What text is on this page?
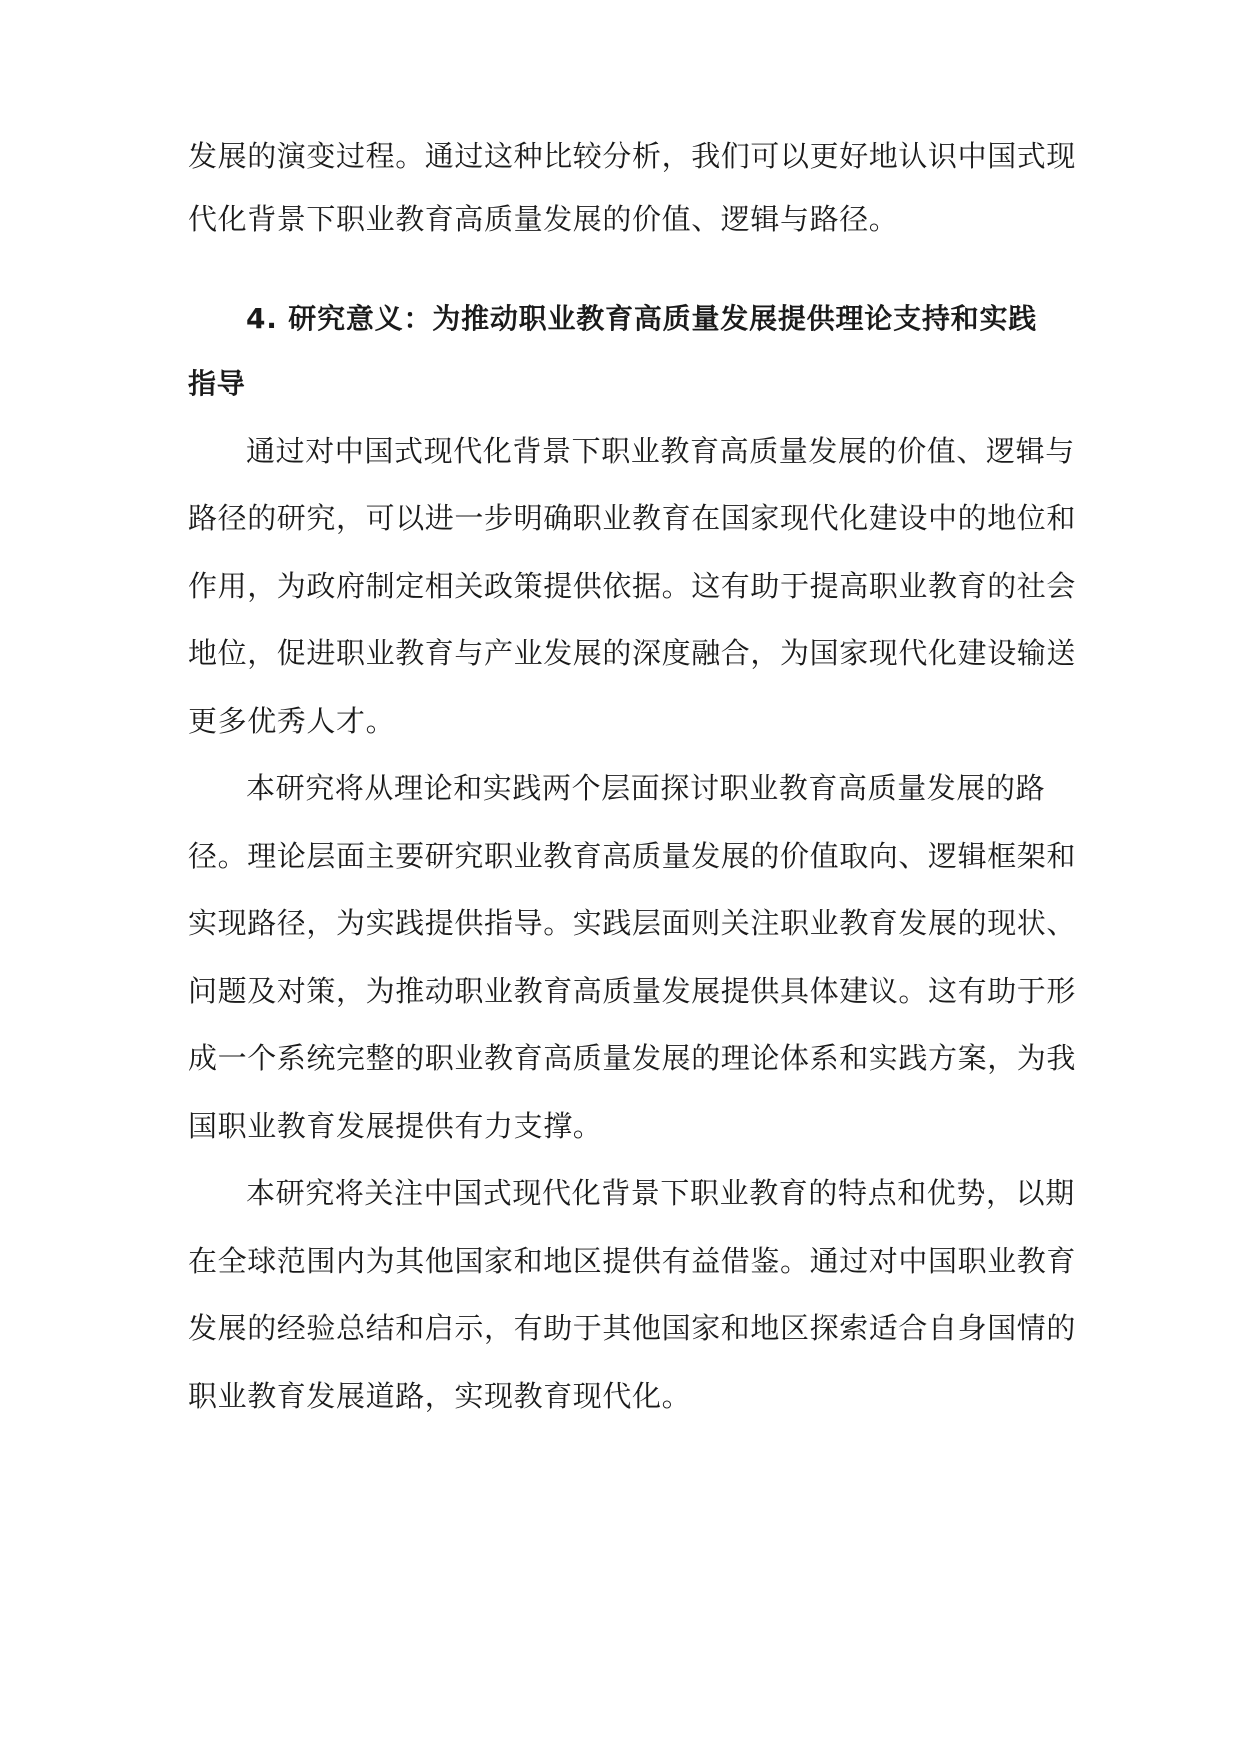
发展的演变过程。通过这种比较分析，我们可以更好地认识中国式现
代化背景下职业教育高质量发展的价值、逻辑与路径。
4. 研究意义：为推动职业教育高质量发展提供理论支持和实践
指导
通过对中国式现代化背景下职业教育高质量发展的价值、逻辑与
路径的研究，可以进一步明确职业教育在国家现代化建设中的地位和
作用，为政府制定相关政策提供依据。这有助于提高职业教育的社会
地位，促进职业教育与产业发展的深度融合，为国家现代化建设输送
更多优秀人才。
本研究将从理论和实践两个层面探讨职业教育高质量发展的路
径。理论层面主要研究职业教育高质量发展的价值取向、逻辑框架和
实现路径，为实践提供指导。实践层面则关注职业教育发展的现状、
问题及对策，为推动职业教育高质量发展提供具体建议。这有助于形
成一个系统完整的职业教育高质量发展的理论体系和实践方案，为我
国职业教育发展提供有力支撑。
本研究将关注中国式现代化背景下职业教育的特点和优势，以期
在全球范围内为其他国家和地区提供有益借鉴。通过对中国职业教育
发展的经验总结和启示，有助于其他国家和地区探索适合自身国情的
职业教育发展道路，实现教育现代化。
